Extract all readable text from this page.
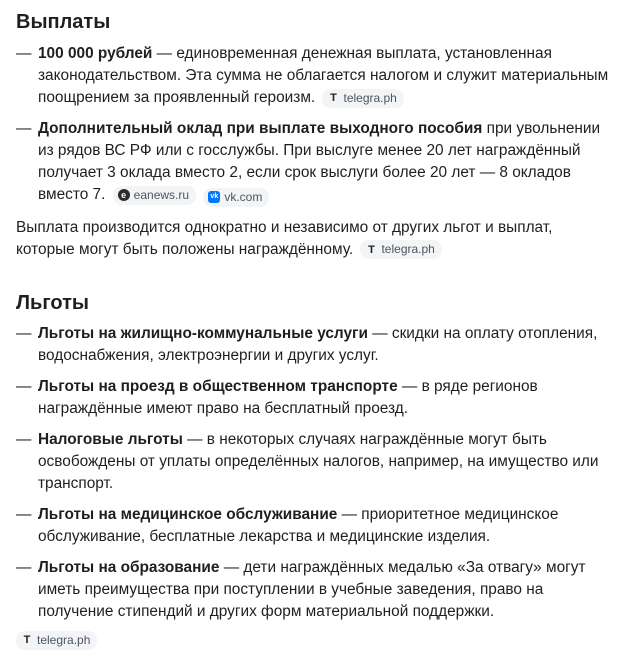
Выплаты
— 100 000 рублей — единовременная денежная выплата, установленная законодательством. Эта сумма не облагается налогом и служит материальным поощрением за проявленный героизм. T telegra.ph
— Дополнительный оклад при выплате выходного пособия при увольнении из рядов ВС РФ или с госслужбы. При выслуге менее 20 лет награждённый получает 3 оклада вместо 2, если срок выслуги более 20 лет — 8 окладов вместо 7.	e eanews.ru
	vk vk.com

Выплата производится однократно и независимо от других льгот и выплат, которые могут быть положены награждённому. T telegra.ph

Льготы
— Льготы на жилищно-коммунальные услуги — скидки на оплату отопления, водоснабжения, электроэнергии и других услуг.
— Льготы на проезд в общественном транспорте — в ряде регионов награждённые имеют право на бесплатный проезд.
— Налоговые льготы — в некоторых случаях награждённые могут быть освобождены от уплаты определённых налогов, например, на имущество или транспорт.
— Льготы на медицинское обслуживание — приоритетное медицинское обслуживание, бесплатные лекарства и медицинские изделия.
— Льготы на образование — дети награждённых медалью «За отвагу» могут иметь преимущества при поступлении в учебные заведения, право на получение стипендий и других форм материальной поддержки.
T telegra.ph
